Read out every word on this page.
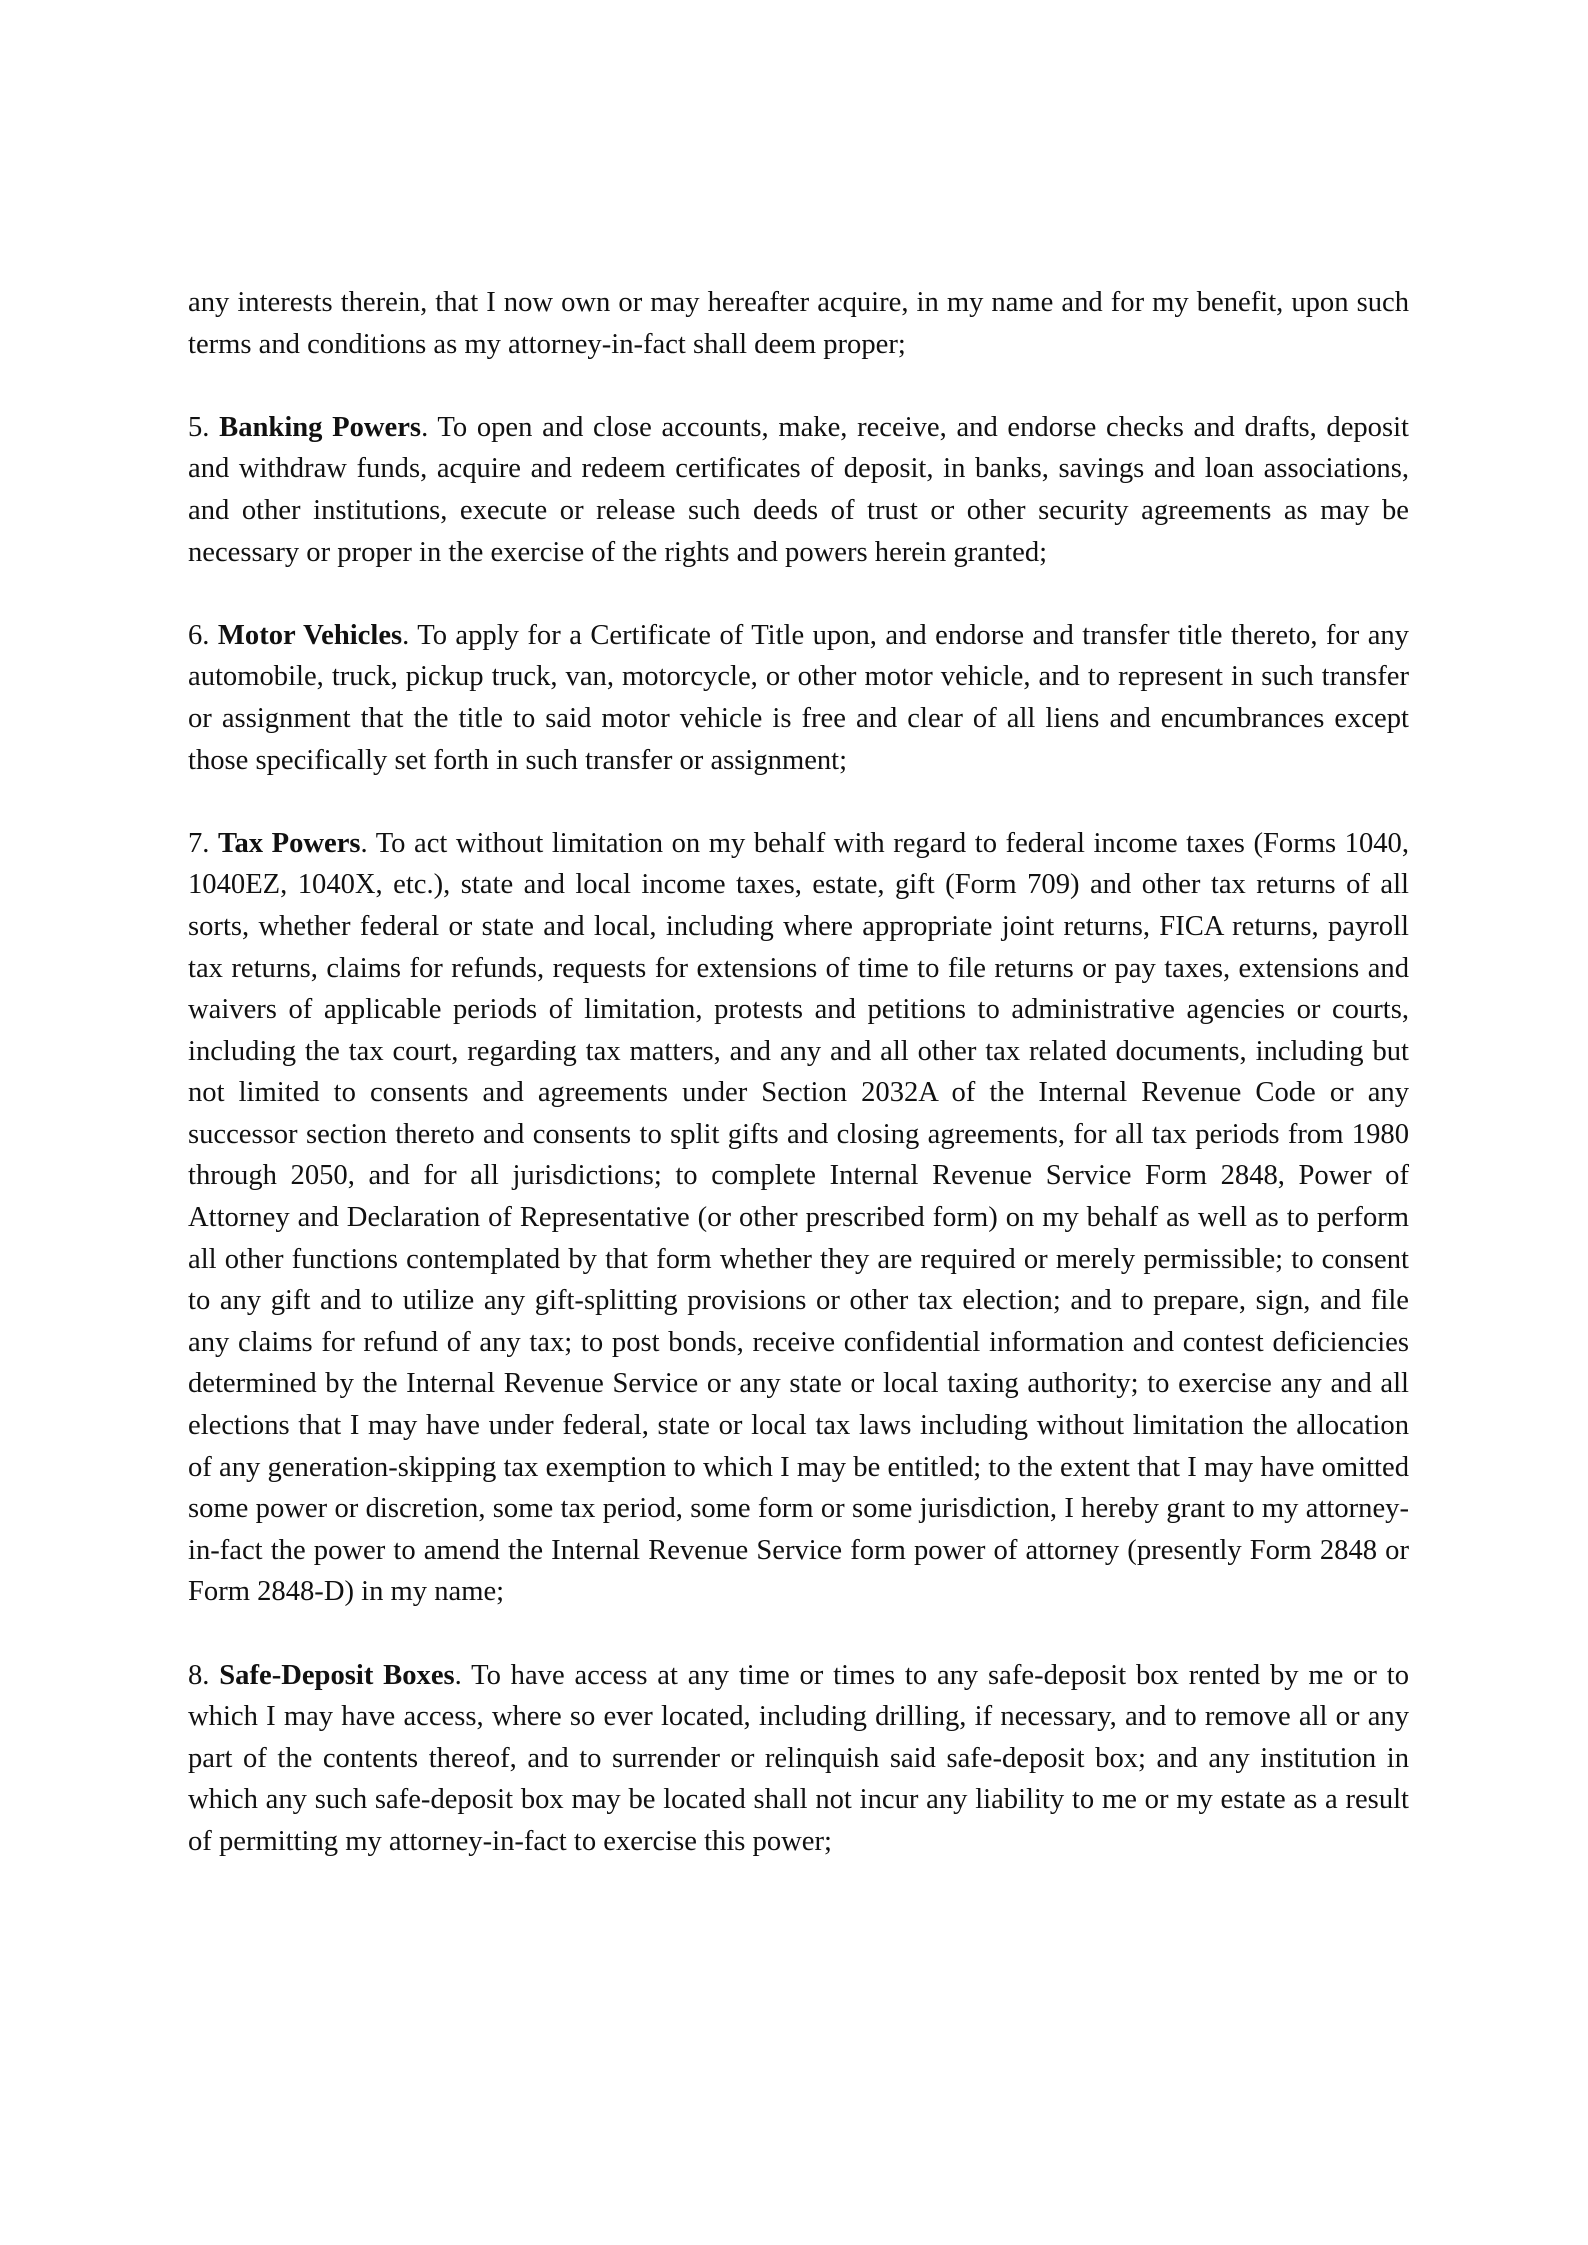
any interests therein, that I now own or may hereafter acquire, in my name and for my benefit, upon such terms and conditions as my attorney-in-fact shall deem proper;

5. Banking Powers. To open and close accounts, make, receive, and endorse checks and drafts, deposit and withdraw funds, acquire and redeem certificates of deposit, in banks, savings and loan associations, and other institutions, execute or release such deeds of trust or other security agreements as may be necessary or proper in the exercise of the rights and powers herein granted;

6. Motor Vehicles. To apply for a Certificate of Title upon, and endorse and transfer title thereto, for any automobile, truck, pickup truck, van, motorcycle, or other motor vehicle, and to represent in such transfer or assignment that the title to said motor vehicle is free and clear of all liens and encumbrances except those specifically set forth in such transfer or assignment;

7. Tax Powers. To act without limitation on my behalf with regard to federal income taxes (Forms 1040, 1040EZ, 1040X, etc.), state and local income taxes, estate, gift (Form 709) and other tax returns of all sorts, whether federal or state and local, including where appropriate joint returns, FICA returns, payroll tax returns, claims for refunds, requests for extensions of time to file returns or pay taxes, extensions and waivers of applicable periods of limitation, protests and petitions to administrative agencies or courts, including the tax court, regarding tax matters, and any and all other tax related documents, including but not limited to consents and agreements under Section 2032A of the Internal Revenue Code or any successor section thereto and consents to split gifts and closing agreements, for all tax periods from 1980 through 2050, and for all jurisdictions; to complete Internal Revenue Service Form 2848, Power of Attorney and Declaration of Representative (or other prescribed form) on my behalf as well as to perform all other functions contemplated by that form whether they are required or merely permissible; to consent to any gift and to utilize any gift-splitting provisions or other tax election; and to prepare, sign, and file any claims for refund of any tax; to post bonds, receive confidential information and contest deficiencies determined by the Internal Revenue Service or any state or local taxing authority; to exercise any and all elections that I may have under federal, state or local tax laws including without limitation the allocation of any generation-skipping tax exemption to which I may be entitled; to the extent that I may have omitted some power or discretion, some tax period, some form or some jurisdiction, I hereby grant to my attorney-in-fact the power to amend the Internal Revenue Service form power of attorney (presently Form 2848 or Form 2848-D) in my name;

8. Safe-Deposit Boxes. To have access at any time or times to any safe-deposit box rented by me or to which I may have access, where so ever located, including drilling, if necessary, and to remove all or any part of the contents thereof, and to surrender or relinquish said safe-deposit box; and any institution in which any such safe-deposit box may be located shall not incur any liability to me or my estate as a result of permitting my attorney-in-fact to exercise this power;
